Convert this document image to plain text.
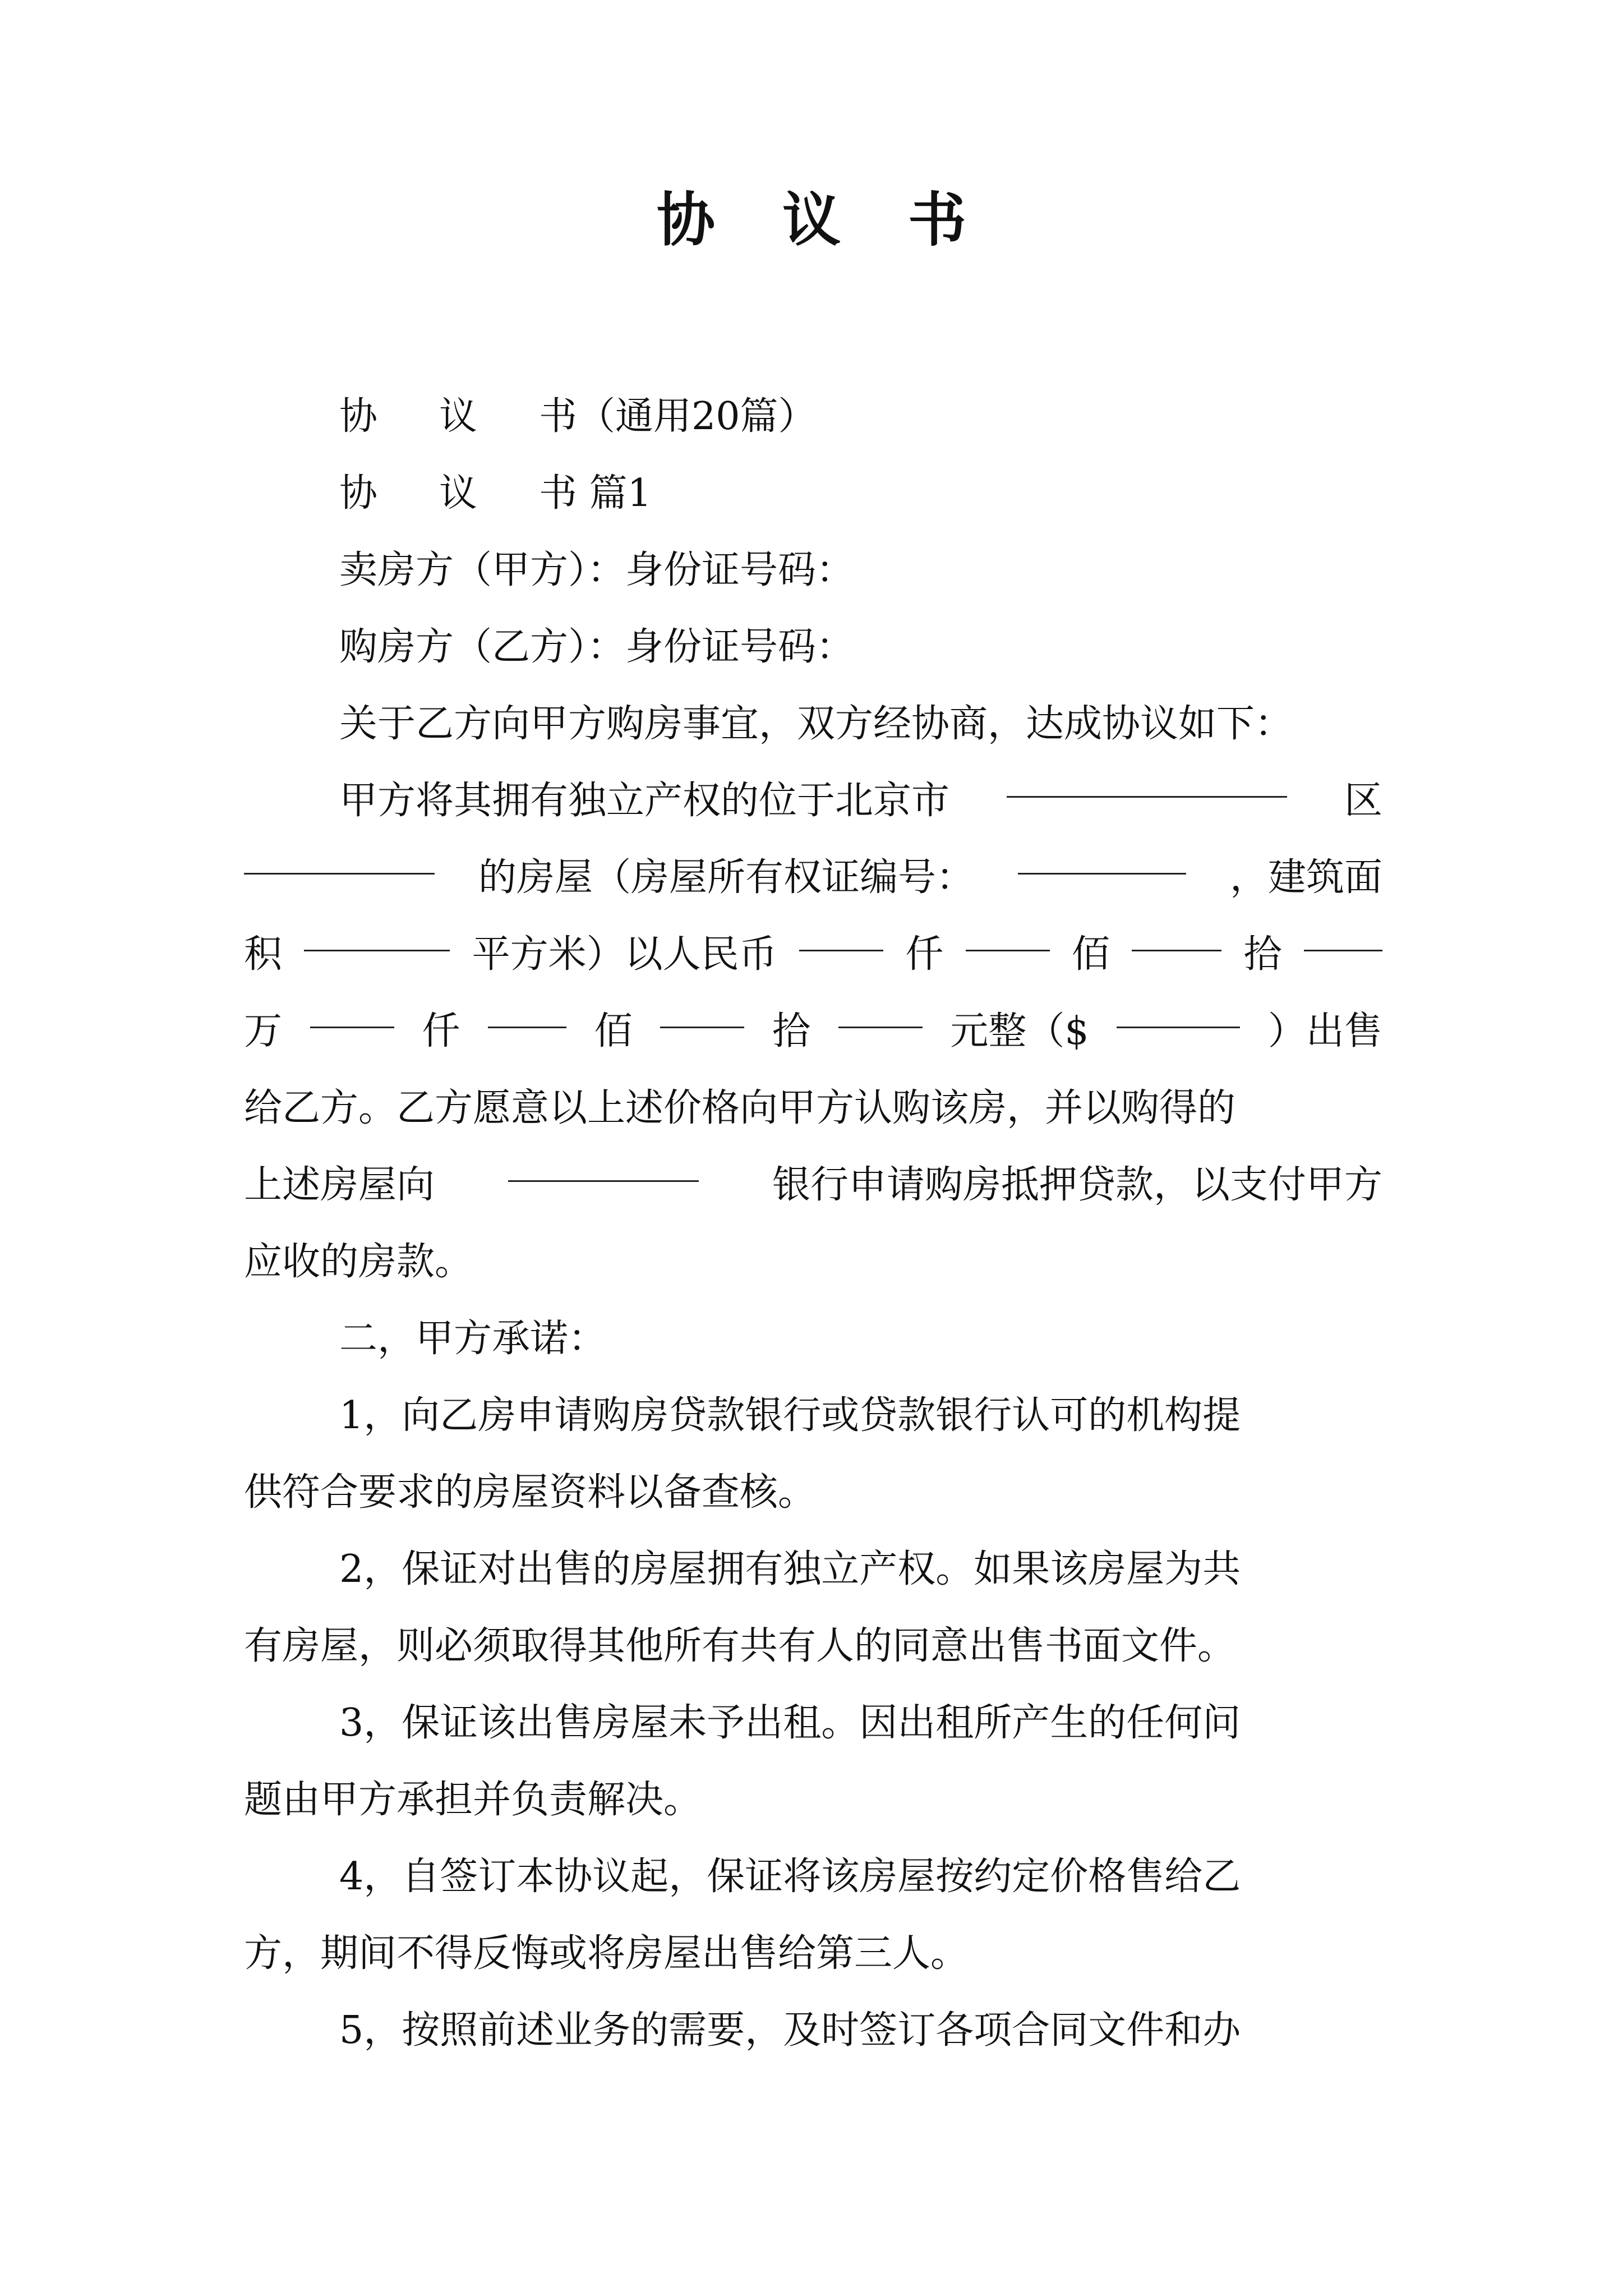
协 议 书

协 议 书（通用20篇）

协 议 书 篇1

卖房方（甲方）：身份证号码：

购房方（乙方）：身份证号码：

关于乙方向甲方购房事宜，双方经协商，达成协议如下：

甲方将其拥有独立产权的位于北京市	区
的房屋（房屋所有权证编号：	，建筑面
积	平方米）以人民币	仟	佰	拾
万	仟	佰	拾	元整（$	）出售

给乙方。乙方愿意以上述价格向甲方认购该房，并以购得的

上述房屋向	银行申请购房抵押贷款，以支付甲方

应收的房款。

二，甲方承诺：

1，向乙房申请购房贷款银行或贷款银行认可的机构提

供符合要求的房屋资料以备查核。

2，保证对出售的房屋拥有独立产权。如果该房屋为共

有房屋，则必须取得其他所有共有人的同意出售书面文件。

3，保证该出售房屋未予出租。因出租所产生的任何问

题由甲方承担并负责解决。

4，自签订本协议起，保证将该房屋按约定价格售给乙

方，期间不得反悔或将房屋出售给第三人。

5，按照前述业务的需要，及时签订各项合同文件和办
